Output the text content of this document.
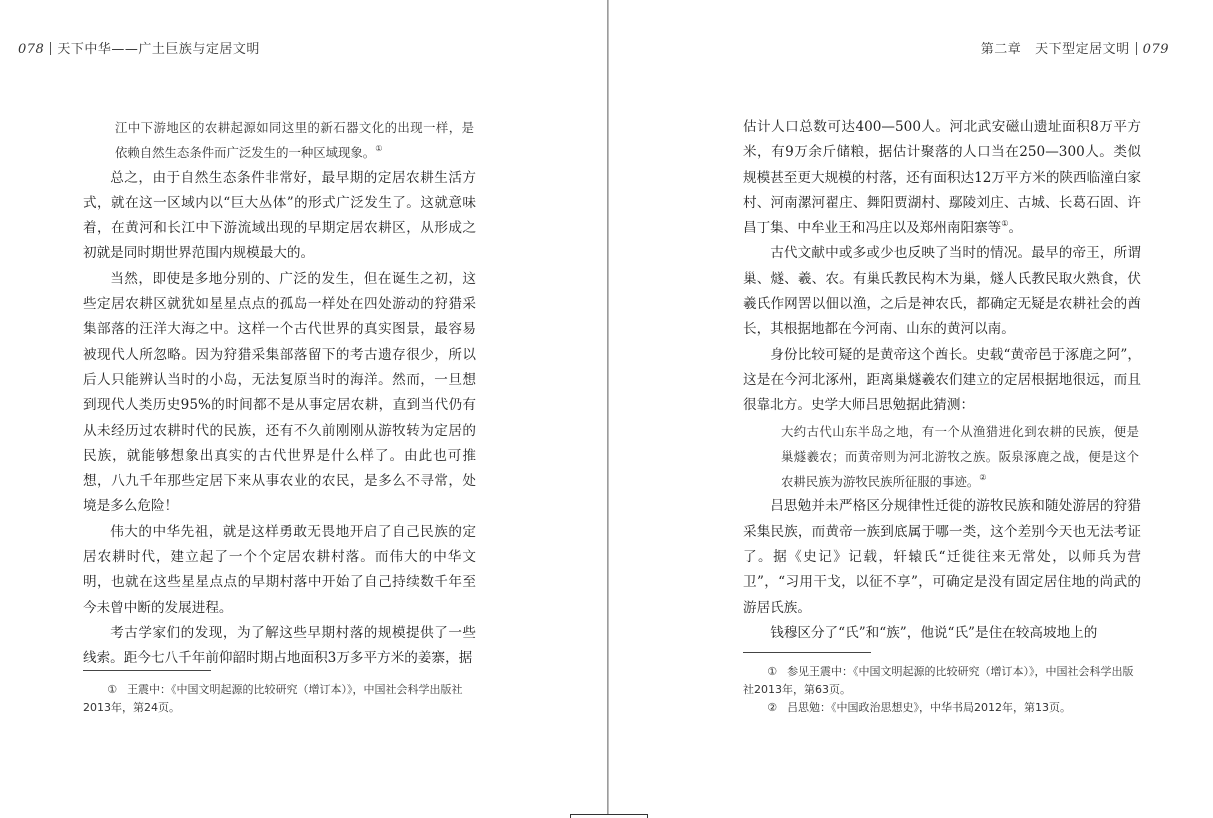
078 天下中华——广土巨族与定居文明

江中下游地区的农耕起源如同这里的新石器文化的出现一样，是依赖自然生态条件而广泛发生的一种区域现象。①

总之，由于自然生态条件非常好，最早期的定居农耕生活方式，就在这一区域内以“巨大丛体”的形式广泛发生了。这就意味着，在黄河和长江中下游流域出现的早期定居农耕区，从形成之初就是同时期世界范围内规模最大的。

当然，即使是多地分别的、广泛的发生，但在诞生之初，这些定居农耕区就犹如星星点点的孤岛一样处在四处游动的狩猎采集部落的汪洋大海之中。这样一个古代世界的真实图景，最容易被现代人所忽略。因为狩猎采集部落留下的考古遗存很少，所以后人只能辨认当时的小岛，无法复原当时的海洋。然而，一旦想到现代人类历史95%的时间都不是从事定居农耕，直到当代仍有从未经历过农耕时代的民族，还有不久前刚刚从游牧转为定居的民族，就能够想象出真实的古代世界是什么样了。由此也可推想，八九千年那些定居下来从事农业的农民，是多么不寻常，处境是多么危险！

伟大的中华先祖，就是这样勇敢无畏地开启了自己民族的定居农耕时代，建立起了一个个定居农耕村落。而伟大的中华文明，也就在这些星星点点的早期村落中开始了自己持续数千年至今未曾中断的发展进程。

考古学家们的发现，为了解这些早期村落的规模提供了一些线索。距今七八千年前仰韶时期占地面积3万多平方米的姜寨，据

① 王震中：《中国文明起源的比较研究（增订本）》，中国社会科学出版社2013年，第24页。

第二章 天下型定居文明 079

估计人口总数可达400—500人。河北武安磁山遗址面积8万平方米，有9万余斤储粮，据估计聚落的人口当在250—300人。类似规模甚至更大规模的村落，还有面积达12万平方米的陕西临潼白家村、河南漯河翟庄、舞阳贾湖村、鄢陵刘庄、古城、长葛石固、许昌丁集、中牟业王和冯庄以及郑州南阳寨等①。

古代文献中或多或少也反映了当时的情况。最早的帝王，所谓巢、燧、羲、农。有巢氏教民构木为巢，燧人氏教民取火熟食，伏羲氏作网罟以佃以渔，之后是神农氏，都确定无疑是农耕社会的酋长，其根据地都在今河南、山东的黄河以南。

身份比较可疑的是黄帝这个酋长。史载“黄帝邑于涿鹿之阿”，这是在今河北涿州，距离巢燧羲农们建立的定居根据地很远，而且很靠北方。史学大师吕思勉据此猜测：

大约古代山东半岛之地，有一个从渔猎进化到农耕的民族，便是巢燧羲农；而黄帝则为河北游牧之族。阪泉涿鹿之战，便是这个农耕民族为游牧民族所征服的事迹。②

吕思勉并未严格区分规律性迁徙的游牧民族和随处游居的狩猎采集民族，而黄帝一族到底属于哪一类，这个差别今天也无法考证了。据《史记》记载，轩辕氏“迁徙往来无常处，以师兵为营卫”，“习用干戈，以征不享”，可确定是没有固定居住地的尚武的游居氏族。

钱穆区分了“氏”和“族”，他说“氏”是住在较高坡地上的

① 参见王震中：《中国文明起源的比较研究（增订本）》，中国社会科学出版社2013年，第63页。

② 吕思勉：《中国政治思想史》，中华书局2012年，第13页。
